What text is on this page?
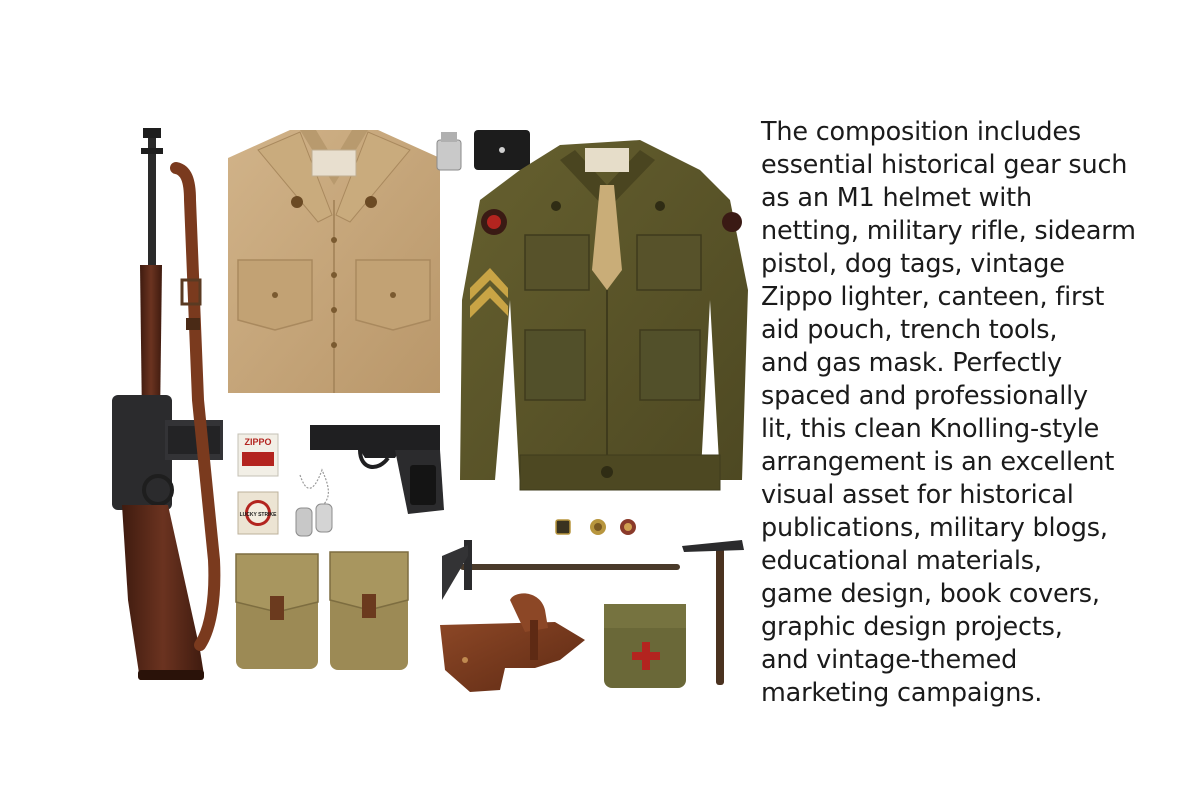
ZIPPO
LUCKY STRIKE

The composition includes
essential historical gear such
as an M1 helmet with
netting, military rifle, sidearm
pistol, dog tags, vintage
Zippo lighter, canteen, first
aid pouch, trench tools,
and gas mask. Perfectly
spaced and professionally
lit, this clean Knolling-style
arrangement is an excellent
visual asset for historical
publications, military blogs,
educational materials,
game design, book covers,
graphic design projects,
and vintage-themed
marketing campaigns.
